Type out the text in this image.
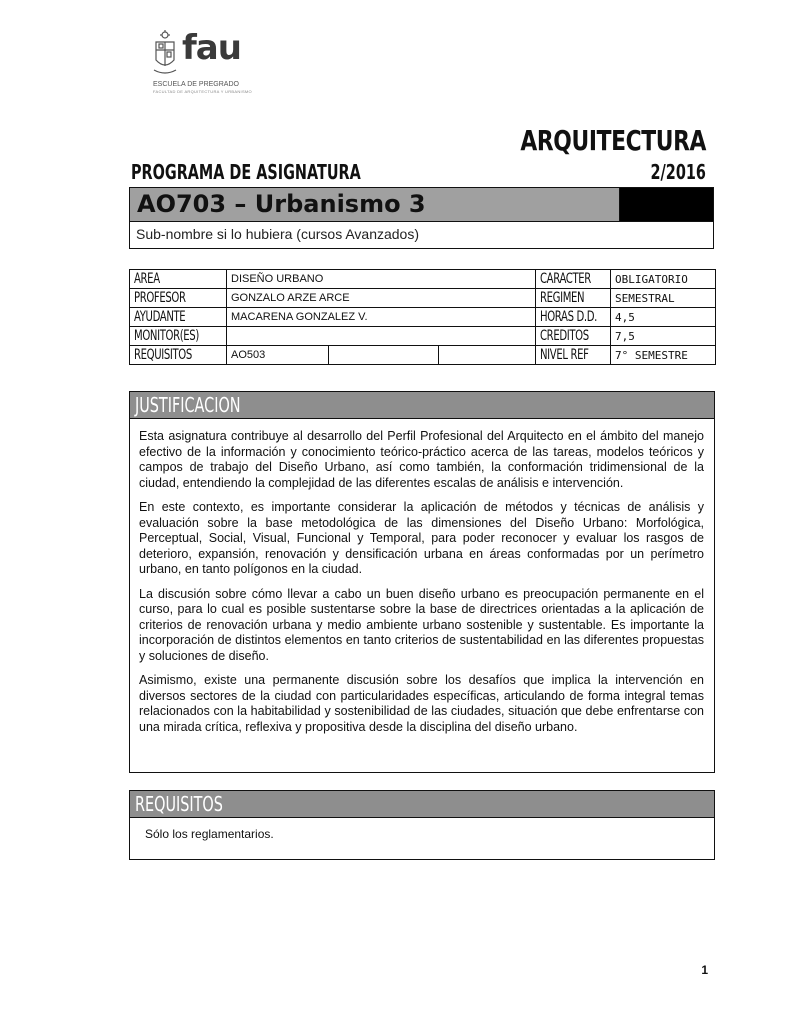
fau
ESCUELA DE PREGRADO
FACULTAD DE ARQUITECTURA Y URBANISMO
ARQUITECTURA
PROGRAMA DE ASIGNATURA	2/2016
AO703 – Urbanismo 3
Sub-nombre si lo hubiera (cursos Avanzados)
AREA	DISEÑO URBANO			CARACTER	OBLIGATORIO
PROFESOR	GONZALO ARZE ARCE			REGIMEN	SEMESTRAL
AYUDANTE	MACARENA GONZALEZ V.			HORAS D.D.	4,5
MONITOR(ES)				CREDITOS	7,5
REQUISITOS	AO503			NIVEL REF	7° SEMESTRE
JUSTIFICACION

Esta asignatura contribuye al desarrollo del Perfil Profesional del Arquitecto en el ámbito del manejo efectivo de la información y conocimiento teórico-práctico acerca de las tareas, modelos teóricos y campos de trabajo del Diseño Urbano, así como también, la conformación tridimensional de la ciudad, entendiendo la complejidad de las diferentes escalas de análisis e intervención.

En este contexto, es importante considerar la aplicación de métodos y técnicas de análisis y evaluación sobre la base metodológica de las dimensiones del Diseño Urbano: Morfológica, Perceptual, Social, Visual, Funcional y Temporal, para poder reconocer y evaluar los rasgos de deterioro, expansión, renovación y densificación urbana en áreas conformadas por un perímetro urbano, en tanto polígonos en la ciudad.

La discusión sobre cómo llevar a cabo un buen diseño urbano es preocupación permanente en el curso, para lo cual es posible sustentarse sobre la base de directrices orientadas a la aplicación de criterios de renovación urbana y medio ambiente urbano sostenible y sustentable. Es importante la incorporación de distintos elementos en tanto criterios de sustentabilidad en las diferentes propuestas y soluciones de diseño.

Asimismo, existe una permanente discusión sobre los desafíos que implica la intervención en diversos sectores de la ciudad con particularidades específicas, articulando de forma integral temas relacionados con la habitabilidad y sostenibilidad de las ciudades, situación que debe enfrentarse con una mirada crítica, reflexiva y propositiva desde la disciplina del diseño urbano.

REQUISITOS
Sólo los reglamentarios.
1
